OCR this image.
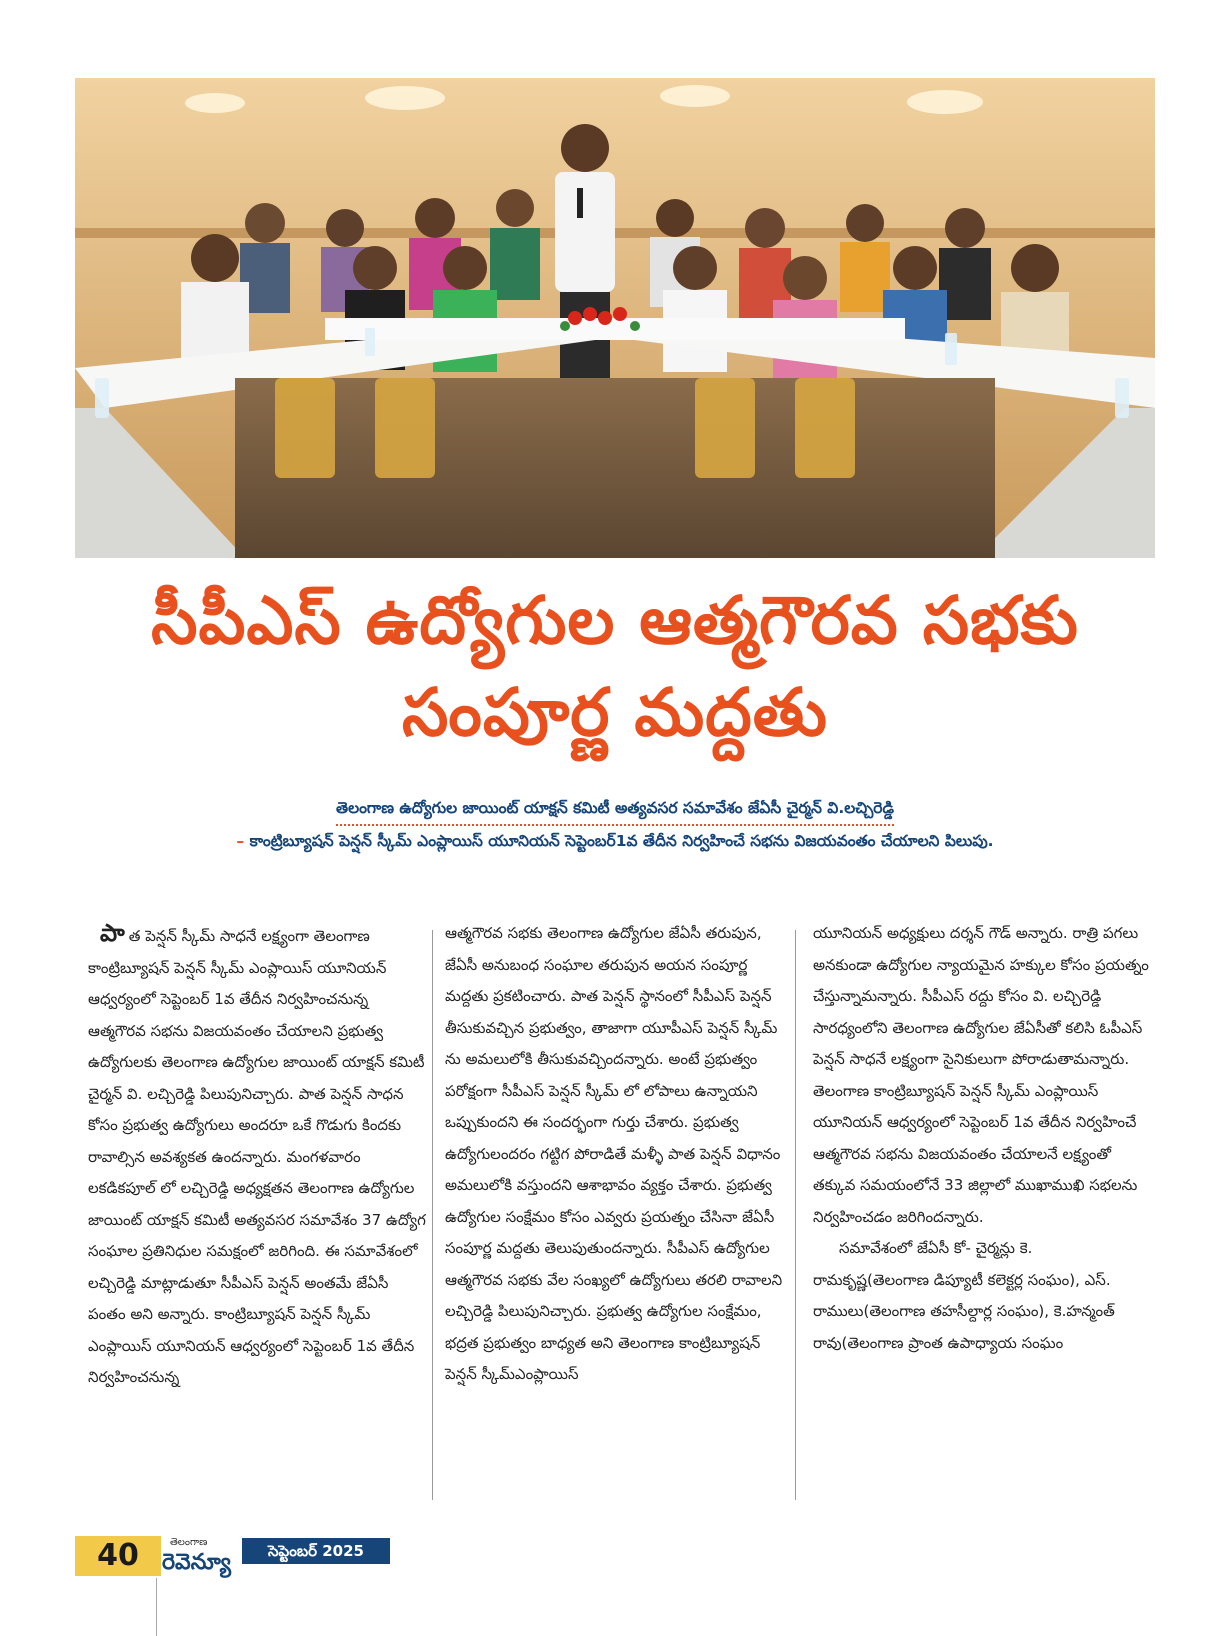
సీపీఎస్ ఉద్యోగుల ఆత్మగౌరవ సభకు
సంపూర్ణ మద్దతు
తెలంగాణ ఉద్యోగుల జాయింట్ యాక్షన్ కమిటీ అత్యవసర సమావేశం జేఏసీ చైర్మన్ వి.లచ్చిరెడ్డి
– కాంట్రిబ్యూషన్ పెన్షన్ స్కీమ్ ఎంప్లాయిస్ యూనియన్ సెప్టెంబర్1వ తేదీన నిర్వహించే సభను విజయవంతం చేయాలని పిలుపు.

పాత పెన్షన్ స్కీమ్ సాధనే లక్ష్యంగా తెలంగాణ కాంట్రిబ్యూషన్ పెన్షన్ స్కీమ్ ఎంప్లాయిస్ యూనియన్ ఆధ్వర్యంలో సెప్టెంబర్ 1వ తేదీన నిర్వహించనున్న ఆత్మగౌరవ సభను విజయవంతం చేయాలని ప్రభుత్వ ఉద్యోగులకు తెలంగాణ ఉద్యోగుల జాయింట్ యాక్షన్ కమిటీ చైర్మన్ వి. లచ్చిరెడ్డి పిలుపునిచ్చారు. పాత పెన్షన్ సాధన కోసం ప్రభుత్వ ఉద్యోగులు అందరూ ఒకే గొడుగు కిందకు రావాల్సిన అవశ్యకత ఉందన్నారు. మంగళవారం లకడికపూల్ లో లచ్చిరెడ్డి అధ్యక్షతన తెలంగాణ ఉద్యోగుల జాయింట్ యాక్షన్ కమిటీ అత్యవసర సమావేశం 37 ఉద్యోగ సంఘాల ప్రతినిధుల సమక్షంలో జరిగింది. ఈ సమావేశంలో లచ్చిరెడ్డి మాట్లాడుతూ సీపీఎస్ పెన్షన్ అంతమే జేఏసీ పంతం అని అన్నారు. కాంట్రిబ్యూషన్ పెన్షన్ స్కీమ్ ఎంప్లాయిస్ యూనియన్ ఆధ్వర్యంలో సెప్టెంబర్ 1వ తేదీన నిర్వహించనున్న

ఆత్మగౌరవ సభకు తెలంగాణ ఉద్యోగుల జేఏసీ తరుపున, జేఏసీ అనుబంధ సంఘాల తరుపున అయన సంపూర్ణ మద్దతు ప్రకటించారు. పాత పెన్షన్ స్థానంలో సీపీఎస్ పెన్షన్ తీసుకువచ్చిన ప్రభుత్వం, తాజాగా యూపీఎస్ పెన్షన్ స్కీమ్ ను అమలులోకి తీసుకువచ్చిందన్నారు. అంటే ప్రభుత్వం పరోక్షంగా సీపీఎస్ పెన్షన్ స్కీమ్ లో లోపాలు ఉన్నాయని ఒప్పుకుందని ఈ సందర్భంగా గుర్తు చేశారు. ప్రభుత్వ ఉద్యోగులందరం గట్టిగ పోరాడితే మళ్ళీ పాత పెన్షన్ విధానం అమలులోకి వస్తుందని ఆశాభావం వ్యక్తం చేశారు. ప్రభుత్వ ఉద్యోగుల సంక్షేమం కోసం ఎవ్వరు ప్రయత్నం చేసినా జేఏసీ సంపూర్ణ మద్దతు తెలుపుతుందన్నారు. సీపీఎస్ ఉద్యోగుల ఆత్మగౌరవ సభకు వేల సంఖ్యలో ఉద్యోగులు తరలి రావాలని లచ్చిరెడ్డి పిలుపునిచ్చారు. ప్రభుత్వ ఉద్యోగుల సంక్షేమం, భద్రత ప్రభుత్వం బాధ్యత అని తెలంగాణ కాంట్రిబ్యూషన్ పెన్షన్ స్కీమ్ఎంప్లాయిస్

యూనియన్ అధ్యక్షులు దర్శన్ గౌడ్ అన్నారు. రాత్రి పగలు అనకుండా ఉద్యోగుల న్యాయమైన హక్కుల కోసం ప్రయత్నం చేస్తున్నామన్నారు. సీపీఎస్ రద్దు కోసం వి. లచ్చిరెడ్డి సారధ్యంలోని తెలంగాణ ఉద్యోగుల జేఏసీతో కలిసి ఓపీఎస్ పెన్షన్ సాధనే లక్ష్యంగా సైనికులుగా పోరాడుతామన్నారు. తెలంగాణ కాంట్రిబ్యూషన్ పెన్షన్ స్కీమ్ ఎంప్లాయిస్ యూనియన్ ఆధ్వర్యంలో సెప్టెంబర్ 1వ తేదీన నిర్వహించే ఆత్మగౌరవ సభను విజయవంతం చేయాలనే లక్ష్యంతో తక్కువ సమయంలోనే 33 జిల్లాలో ముఖాముఖి సభలను నిర్వహించడం జరిగిందన్నారు.

సమావేశంలో జేఏసీ కో- చైర్మన్లు కె. రామకృష్ణ(తెలంగాణ డిప్యూటీ కలెక్టర్ల సంఘం), ఎస్. రాములు(తెలంగాణ తహసీల్దార్ల సంఘం), కె.హన్మంత్ రావు(తెలంగాణ ప్రాంత ఉపాధ్యాయ సంఘం

40	తెలంగాణ
రెవెన్యూ	సెప్టెంబర్ 2025
